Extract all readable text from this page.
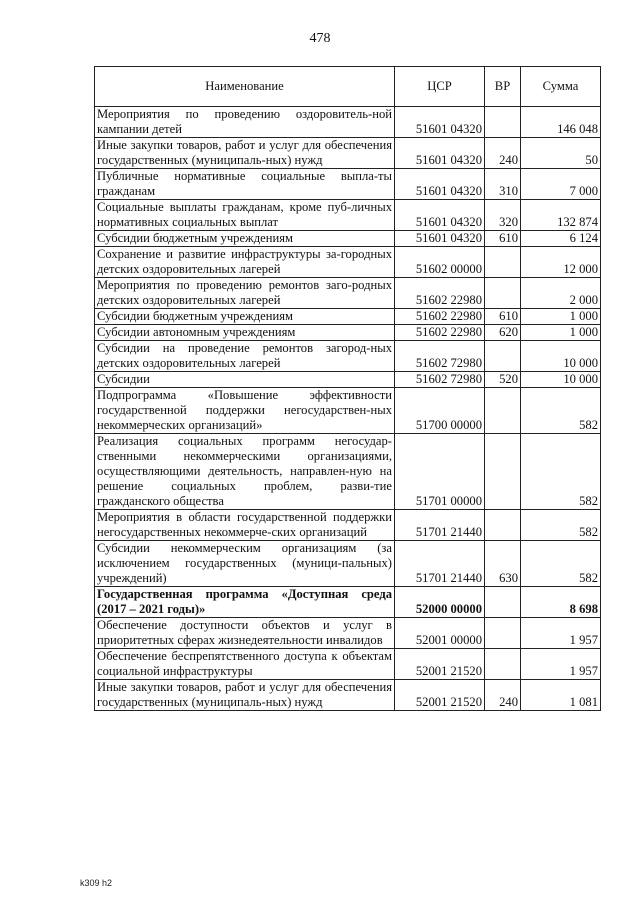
478
Наименование	ЦСР	ВР	Сумма
Мероприятия по проведению оздоровитель-ной кампании детей	51601 04320		146 048
Иные закупки товаров, работ и услуг для обеспечения государственных (муниципаль-ных) нужд	51601 04320	240	50
Публичные нормативные социальные выпла-ты гражданам	51601 04320	310	7 000
Социальные выплаты гражданам, кроме пуб-личных нормативных социальных выплат	51601 04320	320	132 874
Субсидии бюджетным учреждениям	51601 04320	610	6 124
Сохранение и развитие инфраструктуры за-городных детских оздоровительных лагерей	51602 00000		12 000
Мероприятия по проведению ремонтов заго-родных детских оздоровительных лагерей	51602 22980		2 000
Субсидии бюджетным учреждениям	51602 22980	610	1 000
Субсидии автономным учреждениям	51602 22980	620	1 000
Субсидии на проведение ремонтов загород-ных детских оздоровительных лагерей	51602 72980		10 000
Субсидии	51602 72980	520	10 000
Подпрограмма «Повышение эффективности государственной поддержки негосударствен-ных некоммерческих организаций»	51700 00000		582
Реализация социальных программ негосудар-ственными некоммерческими организациями, осуществляющими деятельность, направлен-ную на решение социальных проблем, разви-тие гражданского общества	51701 00000		582
Мероприятия в области государственной поддержки негосударственных некоммерче-ских организаций	51701 21440		582
Субсидии некоммерческим организациям (за исключением государственных (муници-пальных) учреждений)	51701 21440	630	582
Государственная программа «Доступная среда (2017 – 2021 годы)»	52000 00000		8 698
Обеспечение доступности объектов и услуг в приоритетных сферах жизнедеятельности инвалидов	52001 00000		1 957
Обеспечение беспрепятственного доступа к объектам социальной инфраструктуры	52001 21520		1 957
Иные закупки товаров, работ и услуг для обеспечения государственных (муниципаль-ных) нужд	52001 21520	240	1 081
k309 h2
